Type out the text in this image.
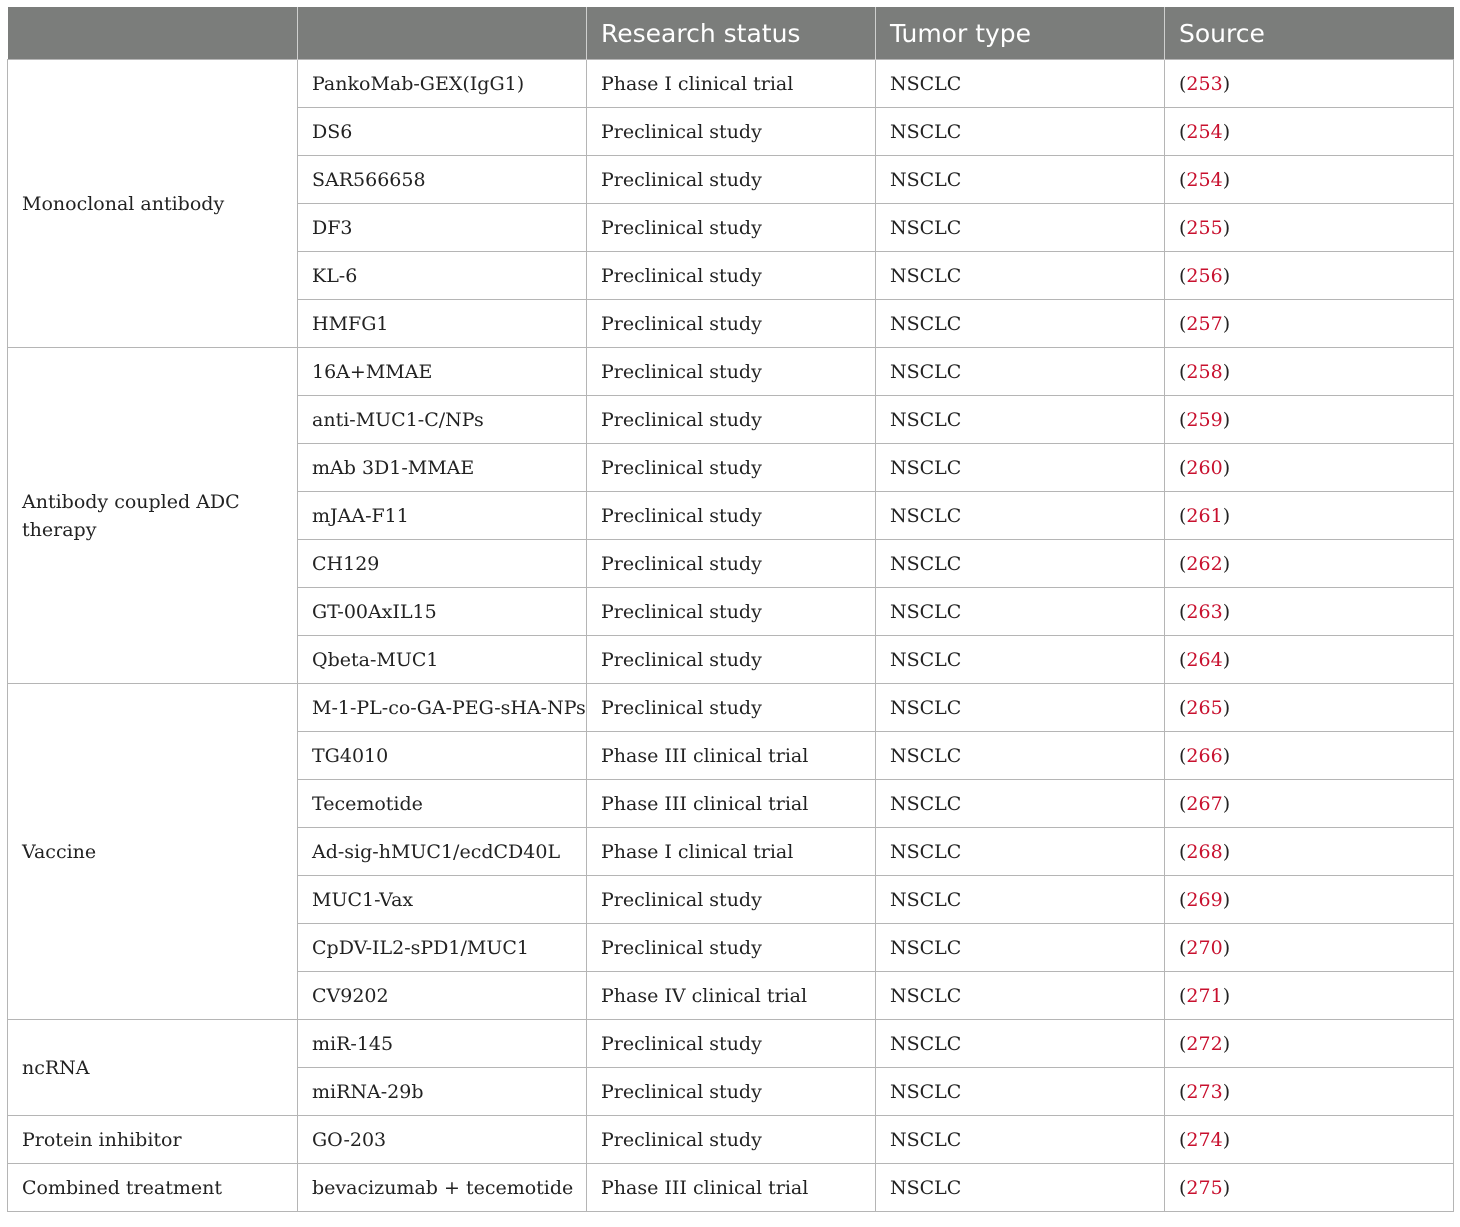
		Research status	Tumor type	Source
Monoclonal antibody	PankoMab-GEX(IgG1)	Phase I clinical trial	NSCLC	(253)
	DS6	Preclinical study	NSCLC	(254)
	SAR566658	Preclinical study	NSCLC	(254)
	DF3	Preclinical study	NSCLC	(255)
	KL-6	Preclinical study	NSCLC	(256)
	HMFG1	Preclinical study	NSCLC	(257)
Antibody coupled ADC therapy	16A+MMAE	Preclinical study	NSCLC	(258)
	anti-MUC1-C/NPs	Preclinical study	NSCLC	(259)
	mAb 3D1-MMAE	Preclinical study	NSCLC	(260)
	mJAA-F11	Preclinical study	NSCLC	(261)
	CH129	Preclinical study	NSCLC	(262)
	GT-00AxIL15	Preclinical study	NSCLC	(263)
	Qbeta-MUC1	Preclinical study	NSCLC	(264)
Vaccine	M-1-PL-co-GA-PEG-sHA-NPs	Preclinical study	NSCLC	(265)
	TG4010	Phase III clinical trial	NSCLC	(266)
	Tecemotide	Phase III clinical trial	NSCLC	(267)
	Ad-sig-hMUC1/ecdCD40L	Phase I clinical trial	NSCLC	(268)
	MUC1-Vax	Preclinical study	NSCLC	(269)
	CpDV-IL2-sPD1/MUC1	Preclinical study	NSCLC	(270)
	CV9202	Phase IV clinical trial	NSCLC	(271)
ncRNA	miR-145	Preclinical study	NSCLC	(272)
	miRNA-29b	Preclinical study	NSCLC	(273)
Protein inhibitor	GO-203	Preclinical study	NSCLC	(274)
Combined treatment	bevacizumab + tecemotide	Phase III clinical trial	NSCLC	(275)
